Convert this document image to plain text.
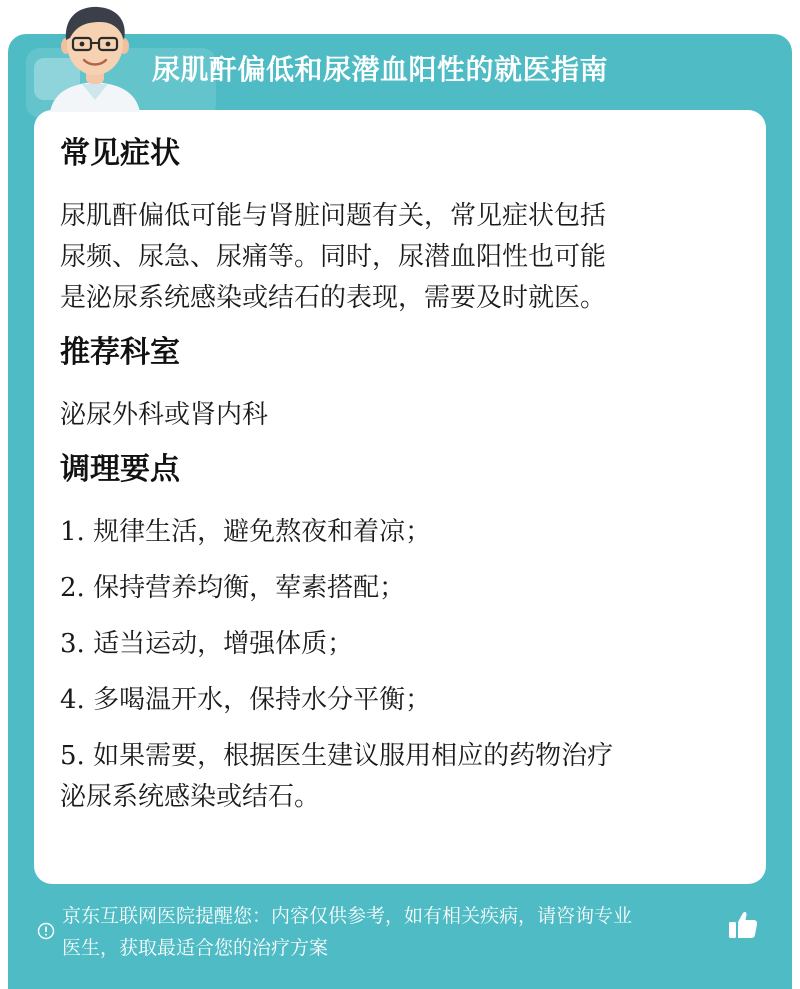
尿肌酐偏低和尿潜血阳性的就医指南
常见症状
尿肌酐偏低可能与肾脏问题有关，常见症状包括
尿频、尿急、尿痛等。同时，尿潜血阳性也可能
是泌尿系统感染或结石的表现，需要及时就医。
推荐科室
泌尿外科或肾内科
调理要点
1. 规律生活，避免熬夜和着凉；
2. 保持营养均衡，荤素搭配；
3. 适当运动，增强体质；
4. 多喝温开水，保持水分平衡；
5. 如果需要，根据医生建议服用相应的药物治疗
泌尿系统感染或结石。
京东互联网医院提醒您：内容仅供参考，如有相关疾病，请咨询专业
医生，获取最适合您的治疗方案
